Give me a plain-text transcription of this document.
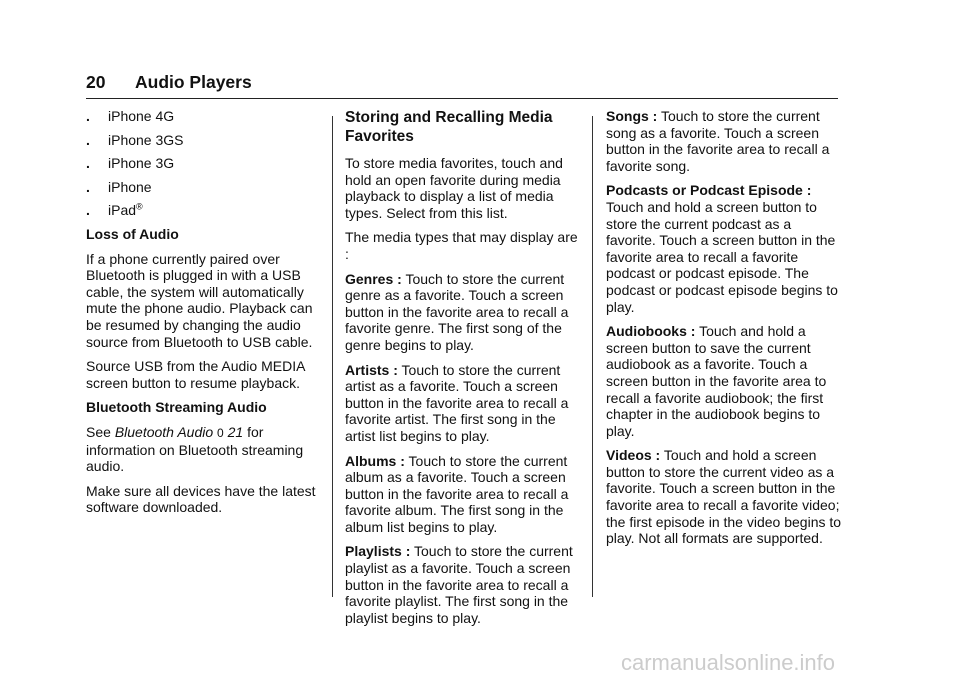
20 Audio Players
. iPhone 4G
. iPhone 3GS
. iPhone 3G
. iPhone
. iPad®

Loss of Audio

If a phone currently paired over Bluetooth is plugged in with a USB cable, the system will automatically mute the phone audio. Playback can be resumed by changing the audio source from Bluetooth to USB cable.

Source USB from the Audio MEDIA screen button to resume playback.

Bluetooth Streaming Audio

See Bluetooth Audio 0 21 for information on Bluetooth streaming audio.

Make sure all devices have the latest software downloaded.

Storing and Recalling Media Favorites

To store media favorites, touch and hold an open favorite during media playback to display a list of media types. Select from this list.

The media types that may display are :

Genres : Touch to store the current genre as a favorite. Touch a screen button in the favorite area to recall a favorite genre. The first song of the genre begins to play.

Artists : Touch to store the current artist as a favorite. Touch a screen button in the favorite area to recall a favorite artist. The first song in the artist list begins to play.

Albums : Touch to store the current album as a favorite. Touch a screen button in the favorite area to recall a favorite album. The first song in the album list begins to play.

Playlists : Touch to store the current playlist as a favorite. Touch a screen button in the favorite area to recall a favorite playlist. The first song in the playlist begins to play.

Songs : Touch to store the current song as a favorite. Touch a screen button in the favorite area to recall a favorite song.

Podcasts or Podcast Episode :
Touch and hold a screen button to store the current podcast as a favorite. Touch a screen button in the favorite area to recall a favorite podcast or podcast episode. The podcast or podcast episode begins to play.

Audiobooks : Touch and hold a screen button to save the current audiobook as a favorite. Touch a screen button in the favorite area to recall a favorite audiobook; the first chapter in the audiobook begins to play.

Videos : Touch and hold a screen button to store the current video as a favorite. Touch a screen button in the favorite area to recall a favorite video; the first episode in the video begins to play. Not all formats are supported.

carmanualsonline.info
